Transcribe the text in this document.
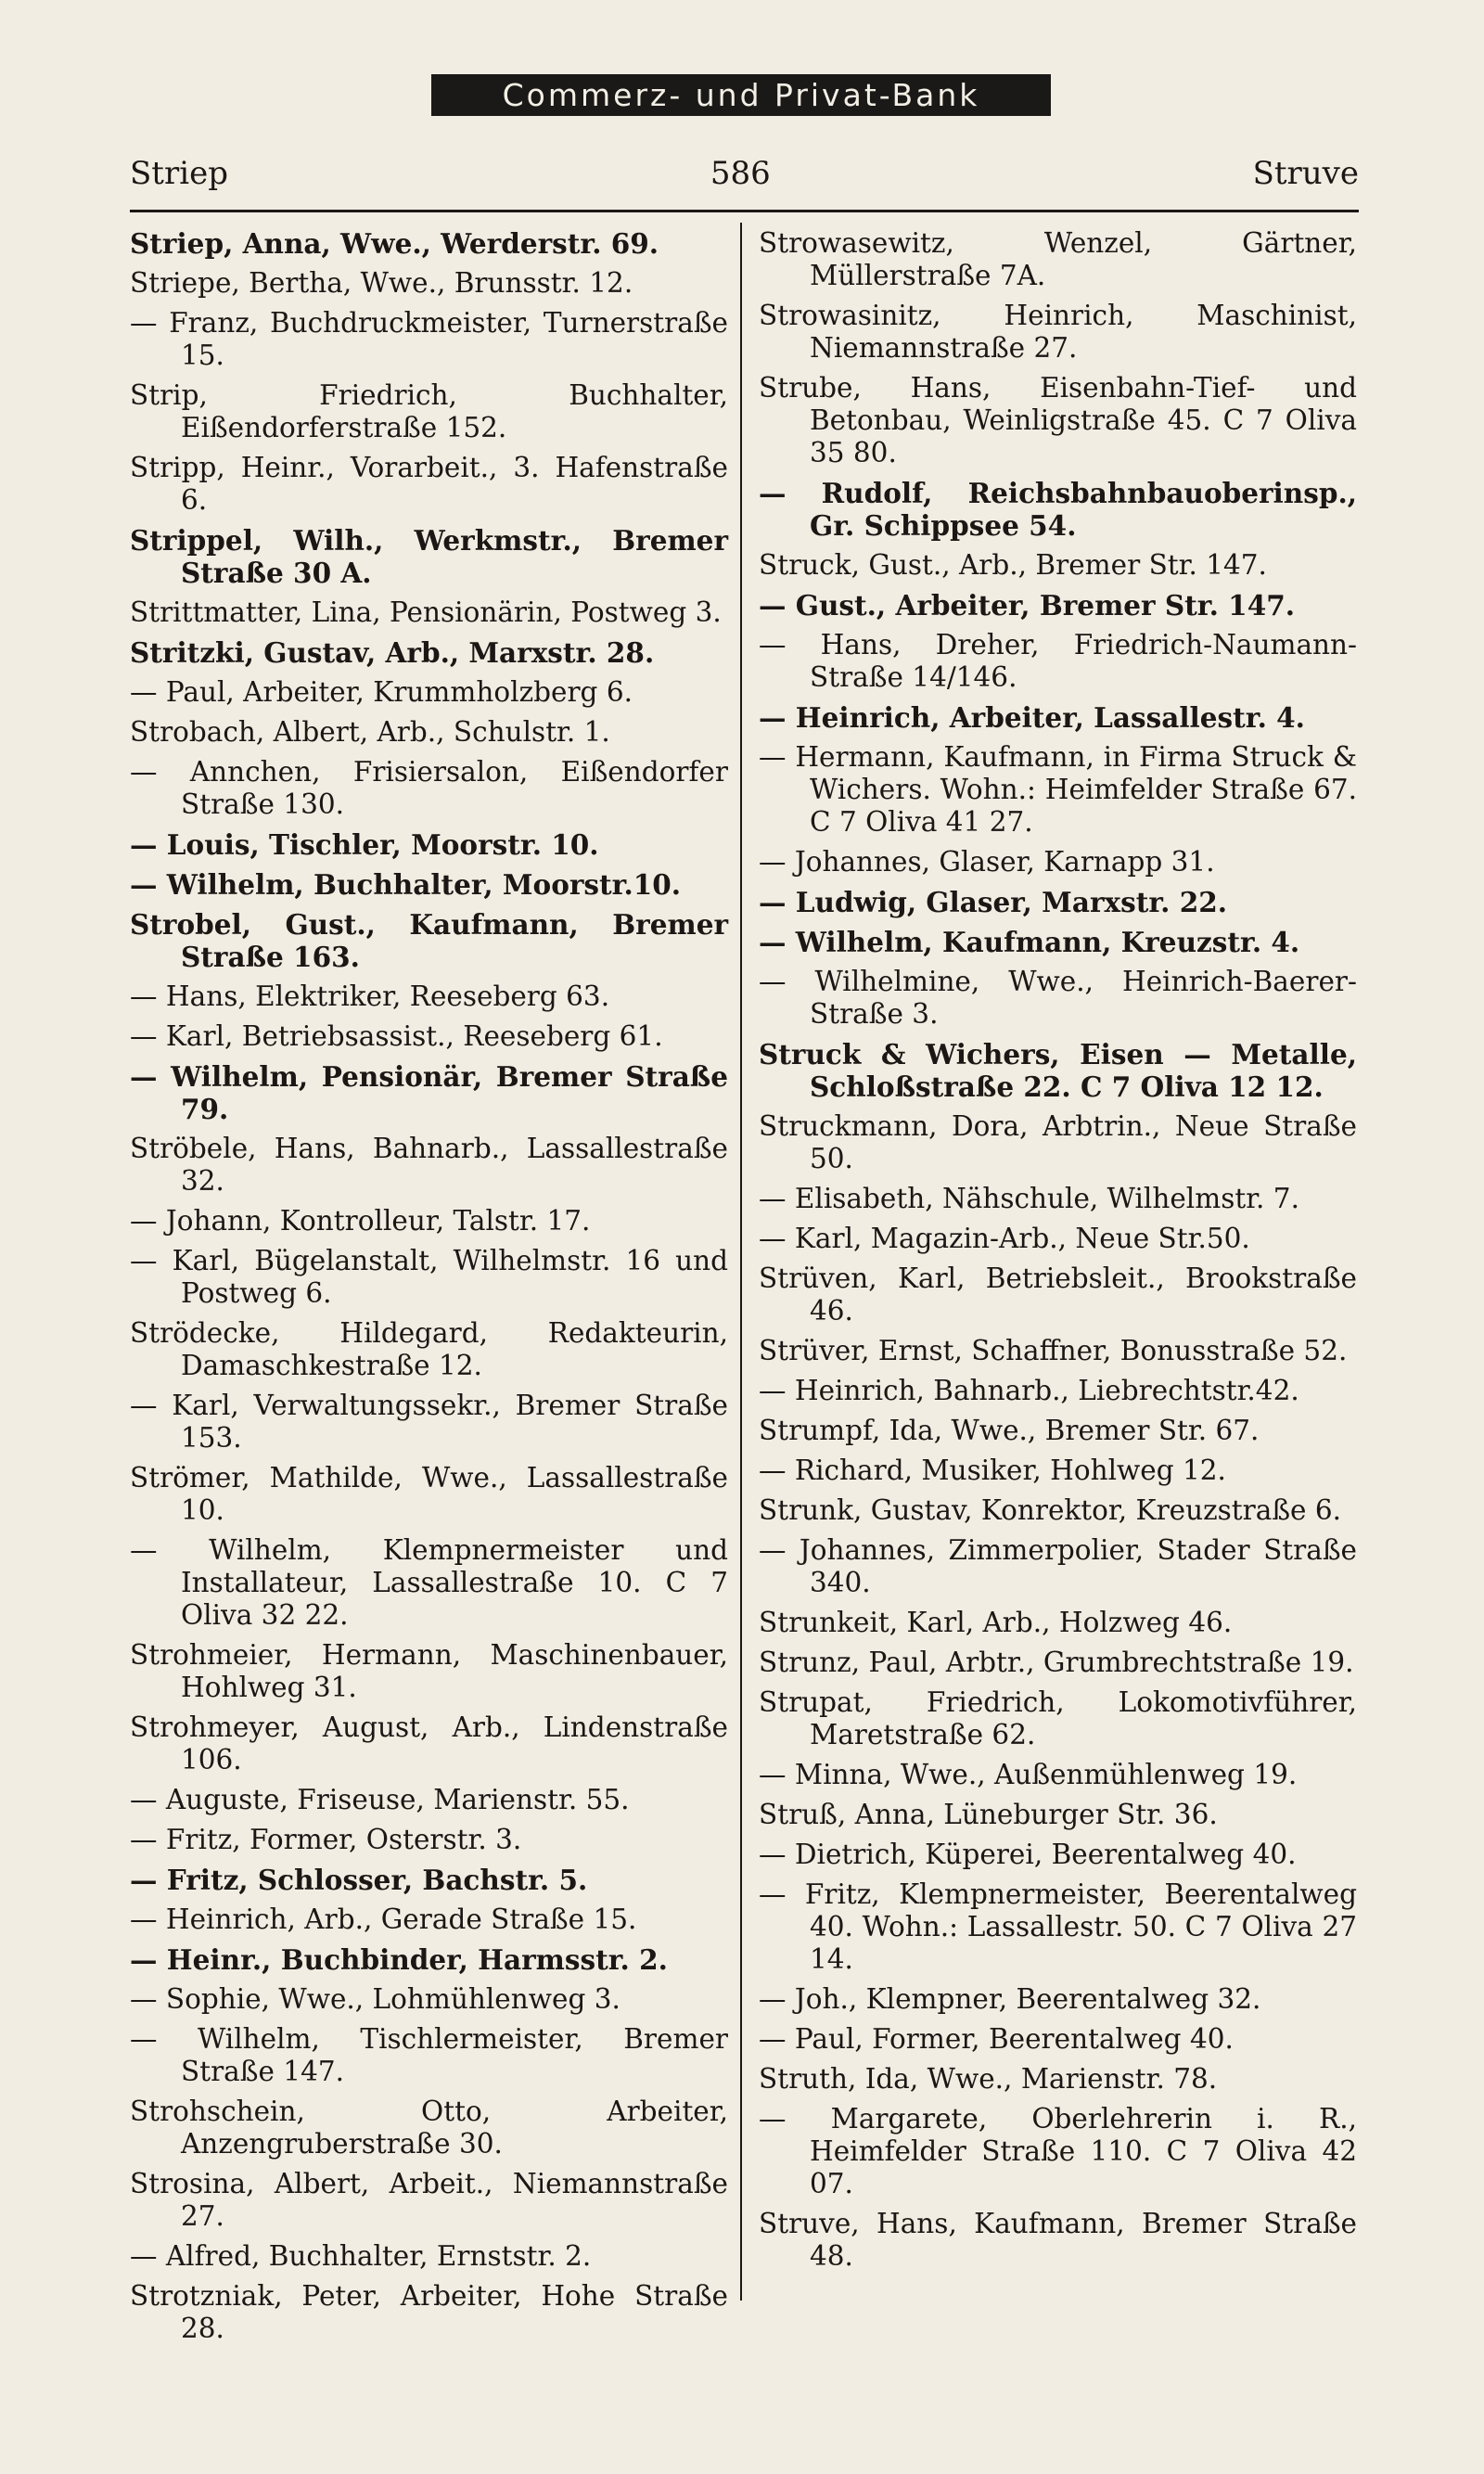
Commerz- und Privat-Bank
Striep	586	Struve

Striep, Anna, Wwe., Werderstr. 69.

Striepe, Bertha, Wwe., Brunsstr. 12.

— Franz, Buchdruckmeister, Turnerstraße 15.

Strip, Friedrich, Buchhalter, Eißendorferstraße 152.

Stripp, Heinr., Vorarbeit., 3. Hafenstraße 6.

Strippel, Wilh., Werkmstr., Bremer Straße 30 A.

Strittmatter, Lina, Pensionärin, Postweg 3.

Stritzki, Gustav, Arb., Marxstr. 28.

— Paul, Arbeiter, Krummholzberg 6.

Strobach, Albert, Arb., Schulstr. 1.

— Annchen, Frisiersalon, Eißendorfer Straße 130.

— Louis, Tischler, Moorstr. 10.

— Wilhelm, Buchhalter, Moorstr.10.

Strobel, Gust., Kaufmann, Bremer Straße 163.

— Hans, Elektriker, Reeseberg 63.

— Karl, Betriebsassist., Reeseberg 61.

— Wilhelm, Pensionär, Bremer Straße 79.

Ströbele, Hans, Bahnarb., Lassallestraße 32.

— Johann, Kontrolleur, Talstr. 17.

— Karl, Bügelanstalt, Wilhelmstr. 16 und Postweg 6.

Strödecke, Hildegard, Redakteurin, Damaschkestraße 12.

— Karl, Verwaltungssekr., Bremer Straße 153.

Strömer, Mathilde, Wwe., Lassallestraße 10.

— Wilhelm, Klempnermeister und Installateur, Lassallestraße 10. C 7 Oliva 32 22.

Strohmeier, Hermann, Maschinenbauer, Hohlweg 31.

Strohmeyer, August, Arb., Lindenstraße 106.

— Auguste, Friseuse, Marienstr. 55.

— Fritz, Former, Osterstr. 3.

— Fritz, Schlosser, Bachstr. 5.

— Heinrich, Arb., Gerade Straße 15.

— Heinr., Buchbinder, Harmsstr. 2.

— Sophie, Wwe., Lohmühlenweg 3.

— Wilhelm, Tischlermeister, Bremer Straße 147.

Strohschein, Otto, Arbeiter, Anzengruberstraße 30.

Strosina, Albert, Arbeit., Niemannstraße 27.

— Alfred, Buchhalter, Ernststr. 2.

Strotzniak, Peter, Arbeiter, Hohe Straße 28.

Strowasewitz, Wenzel, Gärtner, Müllerstraße 7A.

Strowasinitz, Heinrich, Maschinist, Niemannstraße 27.

Strube, Hans, Eisenbahn-Tief- und Betonbau, Weinligstraße 45. C 7 Oliva 35 80.

— Rudolf, Reichsbahnbauoberinsp., Gr. Schippsee 54.

Struck, Gust., Arb., Bremer Str. 147.

— Gust., Arbeiter, Bremer Str. 147.

— Hans, Dreher, Friedrich-Naumann-Straße 14/146.

— Heinrich, Arbeiter, Lassallestr. 4.

— Hermann, Kaufmann, in Firma Struck & Wichers. Wohn.: Heimfelder Straße 67. C 7 Oliva 41 27.

— Johannes, Glaser, Karnapp 31.

— Ludwig, Glaser, Marxstr. 22.

— Wilhelm, Kaufmann, Kreuzstr. 4.

— Wilhelmine, Wwe., Heinrich-Baerer-Straße 3.

Struck & Wichers, Eisen — Metalle, Schloßstraße 22. C 7 Oliva 12 12.

Struckmann, Dora, Arbtrin., Neue Straße 50.

— Elisabeth, Nähschule, Wilhelmstr. 7.

— Karl, Magazin-Arb., Neue Str.50.

Strüven, Karl, Betriebsleit., Brookstraße 46.

Strüver, Ernst, Schaffner, Bonusstraße 52.

— Heinrich, Bahnarb., Liebrechtstr.42.

Strumpf, Ida, Wwe., Bremer Str. 67.

— Richard, Musiker, Hohlweg 12.

Strunk, Gustav, Konrektor, Kreuzstraße 6.

— Johannes, Zimmerpolier, Stader Straße 340.

Strunkeit, Karl, Arb., Holzweg 46.

Strunz, Paul, Arbtr., Grumbrechtstraße 19.

Strupat, Friedrich, Lokomotivführer, Maretstraße 62.

— Minna, Wwe., Außenmühlenweg 19.

Struß, Anna, Lüneburger Str. 36.

— Dietrich, Küperei, Beerentalweg 40.

— Fritz, Klempnermeister, Beerentalweg 40. Wohn.: Lassallestr. 50. C 7 Oliva 27 14.

— Joh., Klempner, Beerentalweg 32.

— Paul, Former, Beerentalweg 40.

Struth, Ida, Wwe., Marienstr. 78.

— Margarete, Oberlehrerin i. R., Heimfelder Straße 110. C 7 Oliva 42 07.

Struve, Hans, Kaufmann, Bremer Straße 48.
